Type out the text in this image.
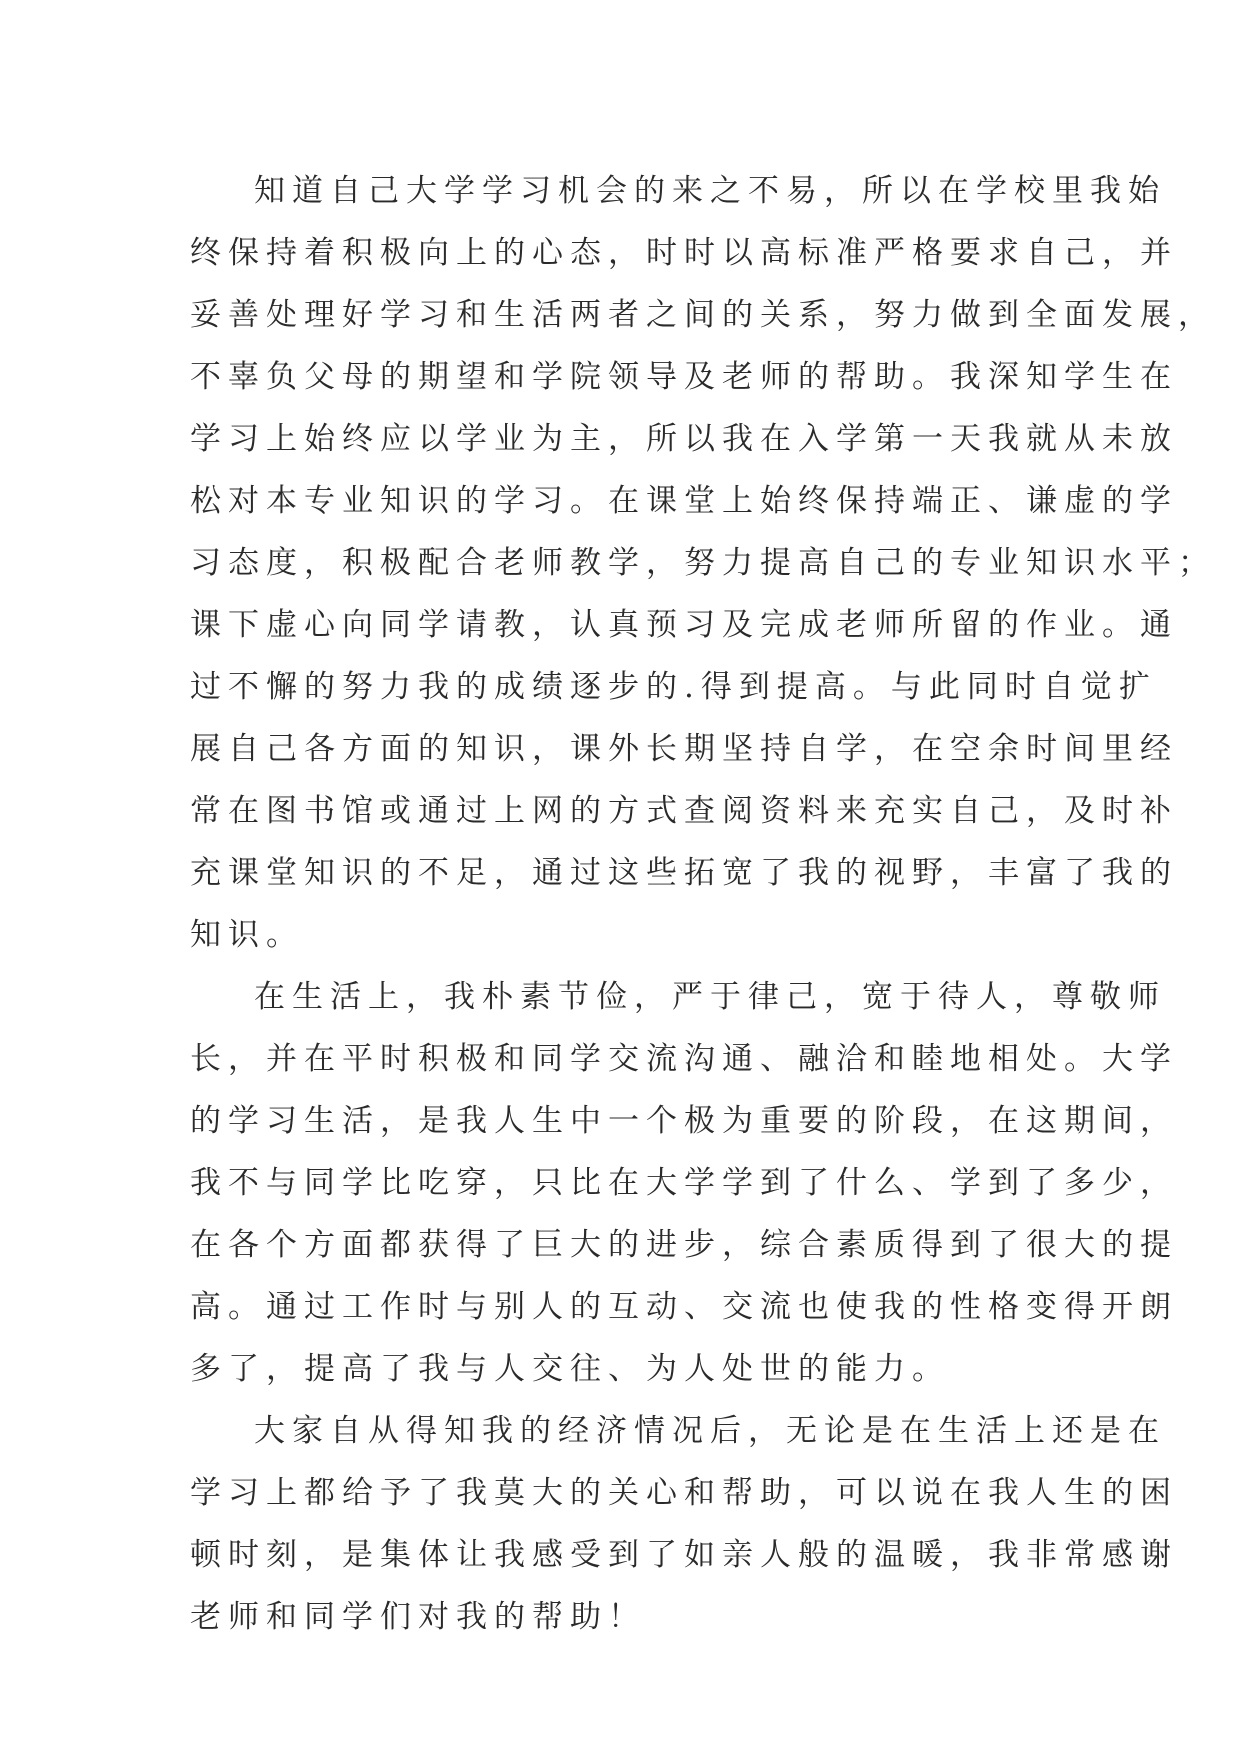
知道自己大学学习机会的来之不易，所以在学校里我始
终保持着积极向上的心态，时时以高标准严格要求自己，并
妥善处理好学习和生活两者之间的关系，努力做到全面发展，
不辜负父母的期望和学院领导及老师的帮助。我深知学生在
学习上始终应以学业为主，所以我在入学第一天我就从未放
松对本专业知识的学习。在课堂上始终保持端正、谦虚的学
习态度，积极配合老师教学，努力提高自己的专业知识水平；
课下虚心向同学请教，认真预习及完成老师所留的作业。通
过不懈的努力我的成绩逐步的.得到提高。与此同时自觉扩
展自己各方面的知识，课外长期坚持自学，在空余时间里经
常在图书馆或通过上网的方式查阅资料来充实自己，及时补
充课堂知识的不足，通过这些拓宽了我的视野，丰富了我的
知识。
在生活上，我朴素节俭，严于律己，宽于待人，尊敬师
长，并在平时积极和同学交流沟通、融洽和睦地相处。大学
的学习生活，是我人生中一个极为重要的阶段，在这期间，
我不与同学比吃穿，只比在大学学到了什么、学到了多少，
在各个方面都获得了巨大的进步，综合素质得到了很大的提
高。通过工作时与别人的互动、交流也使我的性格变得开朗
多了，提高了我与人交往、为人处世的能力。
大家自从得知我的经济情况后，无论是在生活上还是在
学习上都给予了我莫大的关心和帮助，可以说在我人生的困
顿时刻，是集体让我感受到了如亲人般的温暖，我非常感谢
老师和同学们对我的帮助！
